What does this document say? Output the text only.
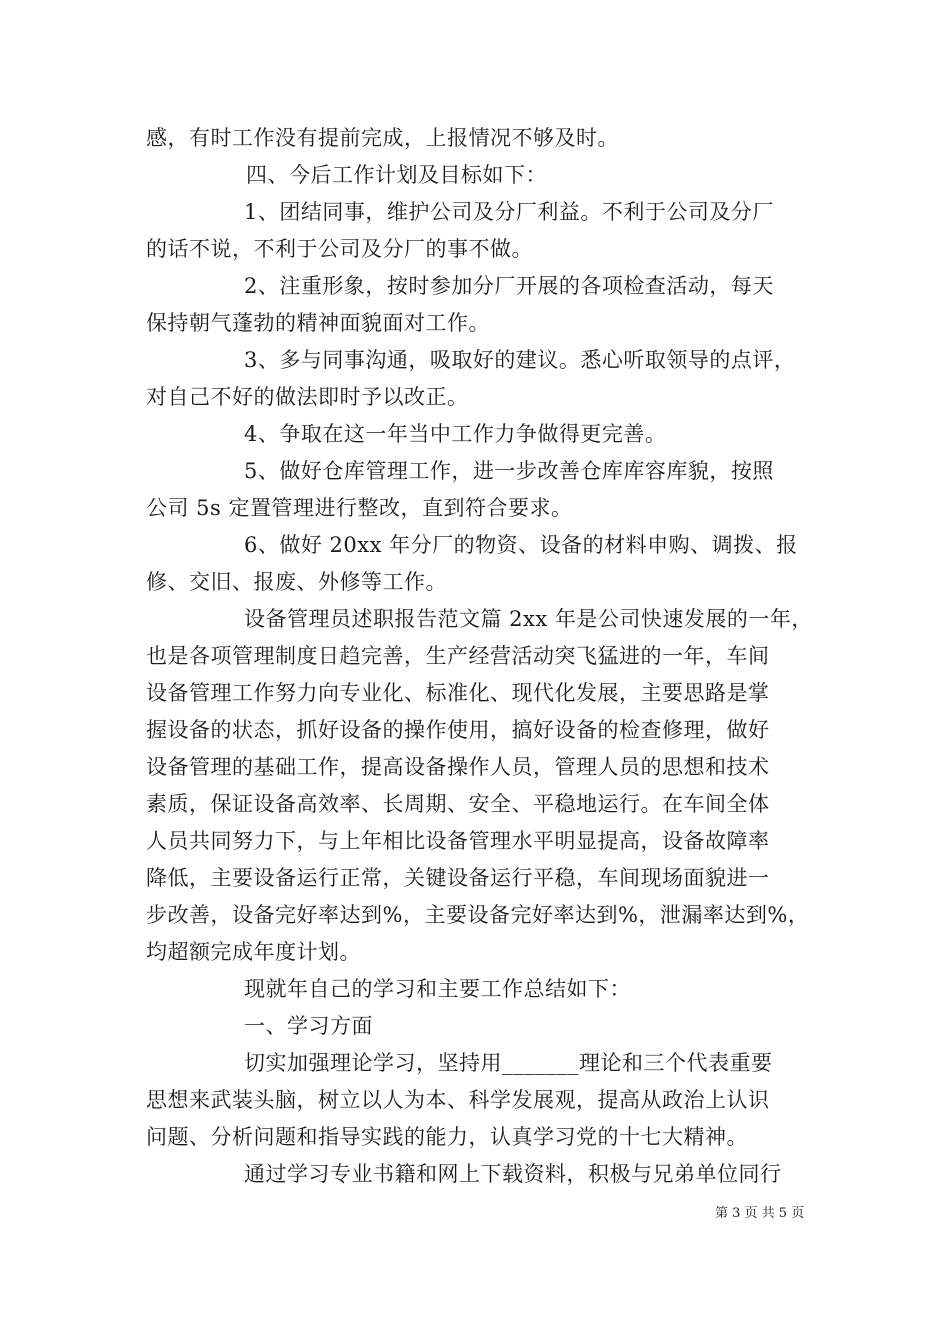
感，有时工作没有提前完成，上报情况不够及时。
四、今后工作计划及目标如下：
1、团结同事，维护公司及分厂利益。不利于公司及分厂
的话不说，不利于公司及分厂的事不做。
2、注重形象，按时参加分厂开展的各项检查活动，每天
保持朝气蓬勃的精神面貌面对工作。
3、多与同事沟通，吸取好的建议。悉心听取领导的点评，
对自己不好的做法即时予以改正。
4、争取在这一年当中工作力争做得更完善。
5、做好仓库管理工作，进一步改善仓库库容库貌，按照
公司 5s 定置管理进行整改，直到符合要求。
6、做好 20xx 年分厂的物资、设备的材料申购、调拨、报
修、交旧、报废、外修等工作。
设备管理员述职报告范文篇 2xx 年是公司快速发展的一年，
也是各项管理制度日趋完善，生产经营活动突飞猛进的一年，车间
设备管理工作努力向专业化、标准化、现代化发展，主要思路是掌
握设备的状态，抓好设备的操作使用，搞好设备的检查修理，做好
设备管理的基础工作，提高设备操作人员，管理人员的思想和技术
素质，保证设备高效率、长周期、安全、平稳地运行。在车间全体
人员共同努力下，与上年相比设备管理水平明显提高，设备故障率
降低，主要设备运行正常，关键设备运行平稳，车间现场面貌进一
步改善，设备完好率达到%，主要设备完好率达到%，泄漏率达到%，
均超额完成年度计划。
现就年自己的学习和主要工作总结如下：
一、学习方面
切实加强理论学习，坚持用_______理论和三个代表重要
思想来武装头脑，树立以人为本、科学发展观，提高从政治上认识
问题、分析问题和指导实践的能力，认真学习党的十七大精神。
通过学习专业书籍和网上下载资料，积极与兄弟单位同行
第 3 页 共 5 页
